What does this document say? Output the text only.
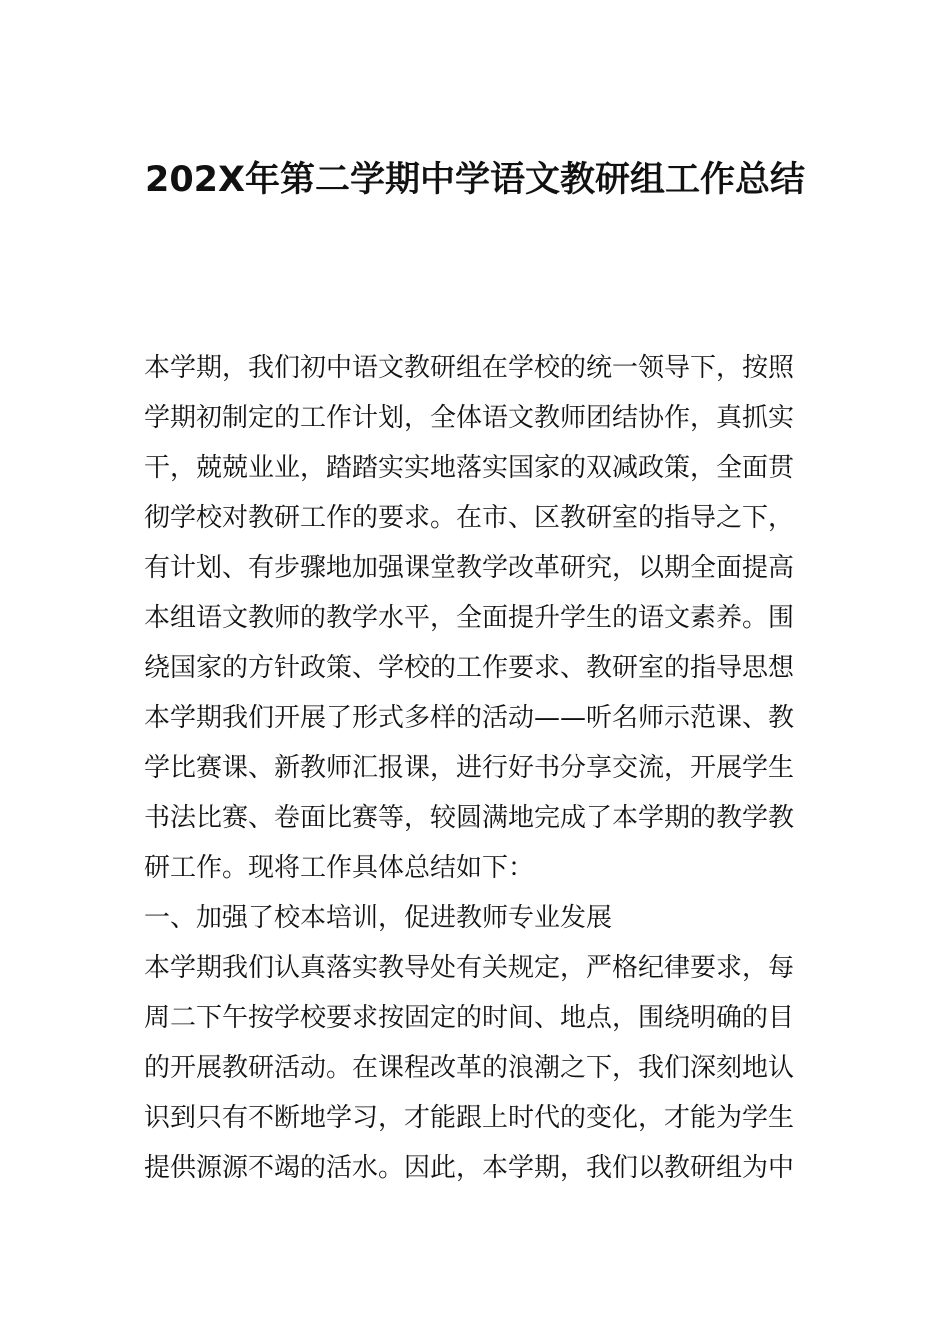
202X年第二学期中学语文教研组工作总结
本学期，我们初中语文教研组在学校的统一领导下，按照
学期初制定的工作计划，全体语文教师团结协作，真抓实
干，兢兢业业，踏踏实实地落实国家的双减政策，全面贯
彻学校对教研工作的要求。在市、区教研室的指导之下，
有计划、有步骤地加强课堂教学改革研究，以期全面提高
本组语文教师的教学水平，全面提升学生的语文素养。围
绕国家的方针政策、学校的工作要求、教研室的指导思想
本学期我们开展了形式多样的活动——听名师示范课、教
学比赛课、新教师汇报课，进行好书分享交流，开展学生
书法比赛、卷面比赛等，较圆满地完成了本学期的教学教
研工作。现将工作具体总结如下：
一、加强了校本培训，促进教师专业发展
本学期我们认真落实教导处有关规定，严格纪律要求，每
周二下午按学校要求按固定的时间、地点，围绕明确的目
的开展教研活动。在课程改革的浪潮之下，我们深刻地认
识到只有不断地学习，才能跟上时代的变化，才能为学生
提供源源不竭的活水。因此，本学期，我们以教研组为中
